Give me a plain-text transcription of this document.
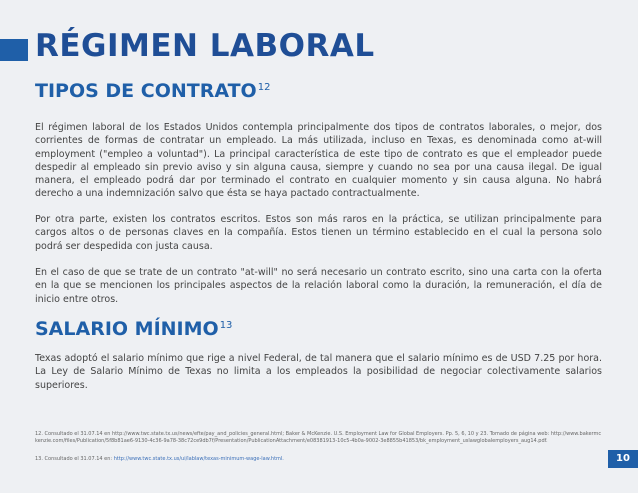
RÉGIMEN LABORAL
TIPOS DE CONTRATO$^{12}$

El régimen laboral de los Estados Unidos contempla principalmente dos tipos de contratos laborales, o mejor, dos corrientes de formas de contratar un empleado. La más utilizada, incluso en Texas, es denominada como at-will employment ("empleo a voluntad"). La principal característica de este tipo de contrato es que el empleador puede despedir al empleado sin previo aviso y sin alguna causa, siempre y cuando no sea por una causa ilegal. De igual manera, el empleado podrá dar por terminado el contrato en cualquier momento y sin causa alguna. No habrá derecho a una indemnización salvo que ésta se haya pactado contractualmente.

Por otra parte, existen los contratos escritos. Estos son más raros en la práctica, se utilizan principalmente para cargos altos o de personas claves en la compañía. Estos tienen un término establecido en el cual la persona solo podrá ser despedida con justa causa.

En el caso de que se trate de un contrato "at-will" no será necesario un contrato escrito, sino una carta con la oferta en la que se mencionen los principales aspectos de la relación laboral como la duración, la remuneración, el día de inicio entre otros.

SALARIO MÍNIMO$^{13}$

Texas adoptó el salario mínimo que rige a nivel Federal, de tal manera que el salario mínimo es de USD 7.25 por hora. La Ley de Salario Mínimo de Texas no limita a los empleados la posibilidad de negociar colectivamente salarios superiores.

12. Consultado el 31.07.14 en http://www.twc.state.tx.us/news/efte/pay_and_policies_general.html; Baker & McKenzie. U.S. Employment Law for Global Employers. Pp. 5, 6, 10 y 23. Tomado de página web: http://www.bakermckenzie.com/files/Publication/5f8b81ae6-9130-4c36-9a78-38c72ce9db7f/Presentation/PublicationAttachment/e08381913-10c5-4b0a-9002-3e8855b41853/bk_employment_uslawglobalemployers_aug14.pdf.

13. Consultado el 31.07.14 en: http://www.twc.state.tx.us/ui/lablaw/texas-minimum-wage-law.html.	10
